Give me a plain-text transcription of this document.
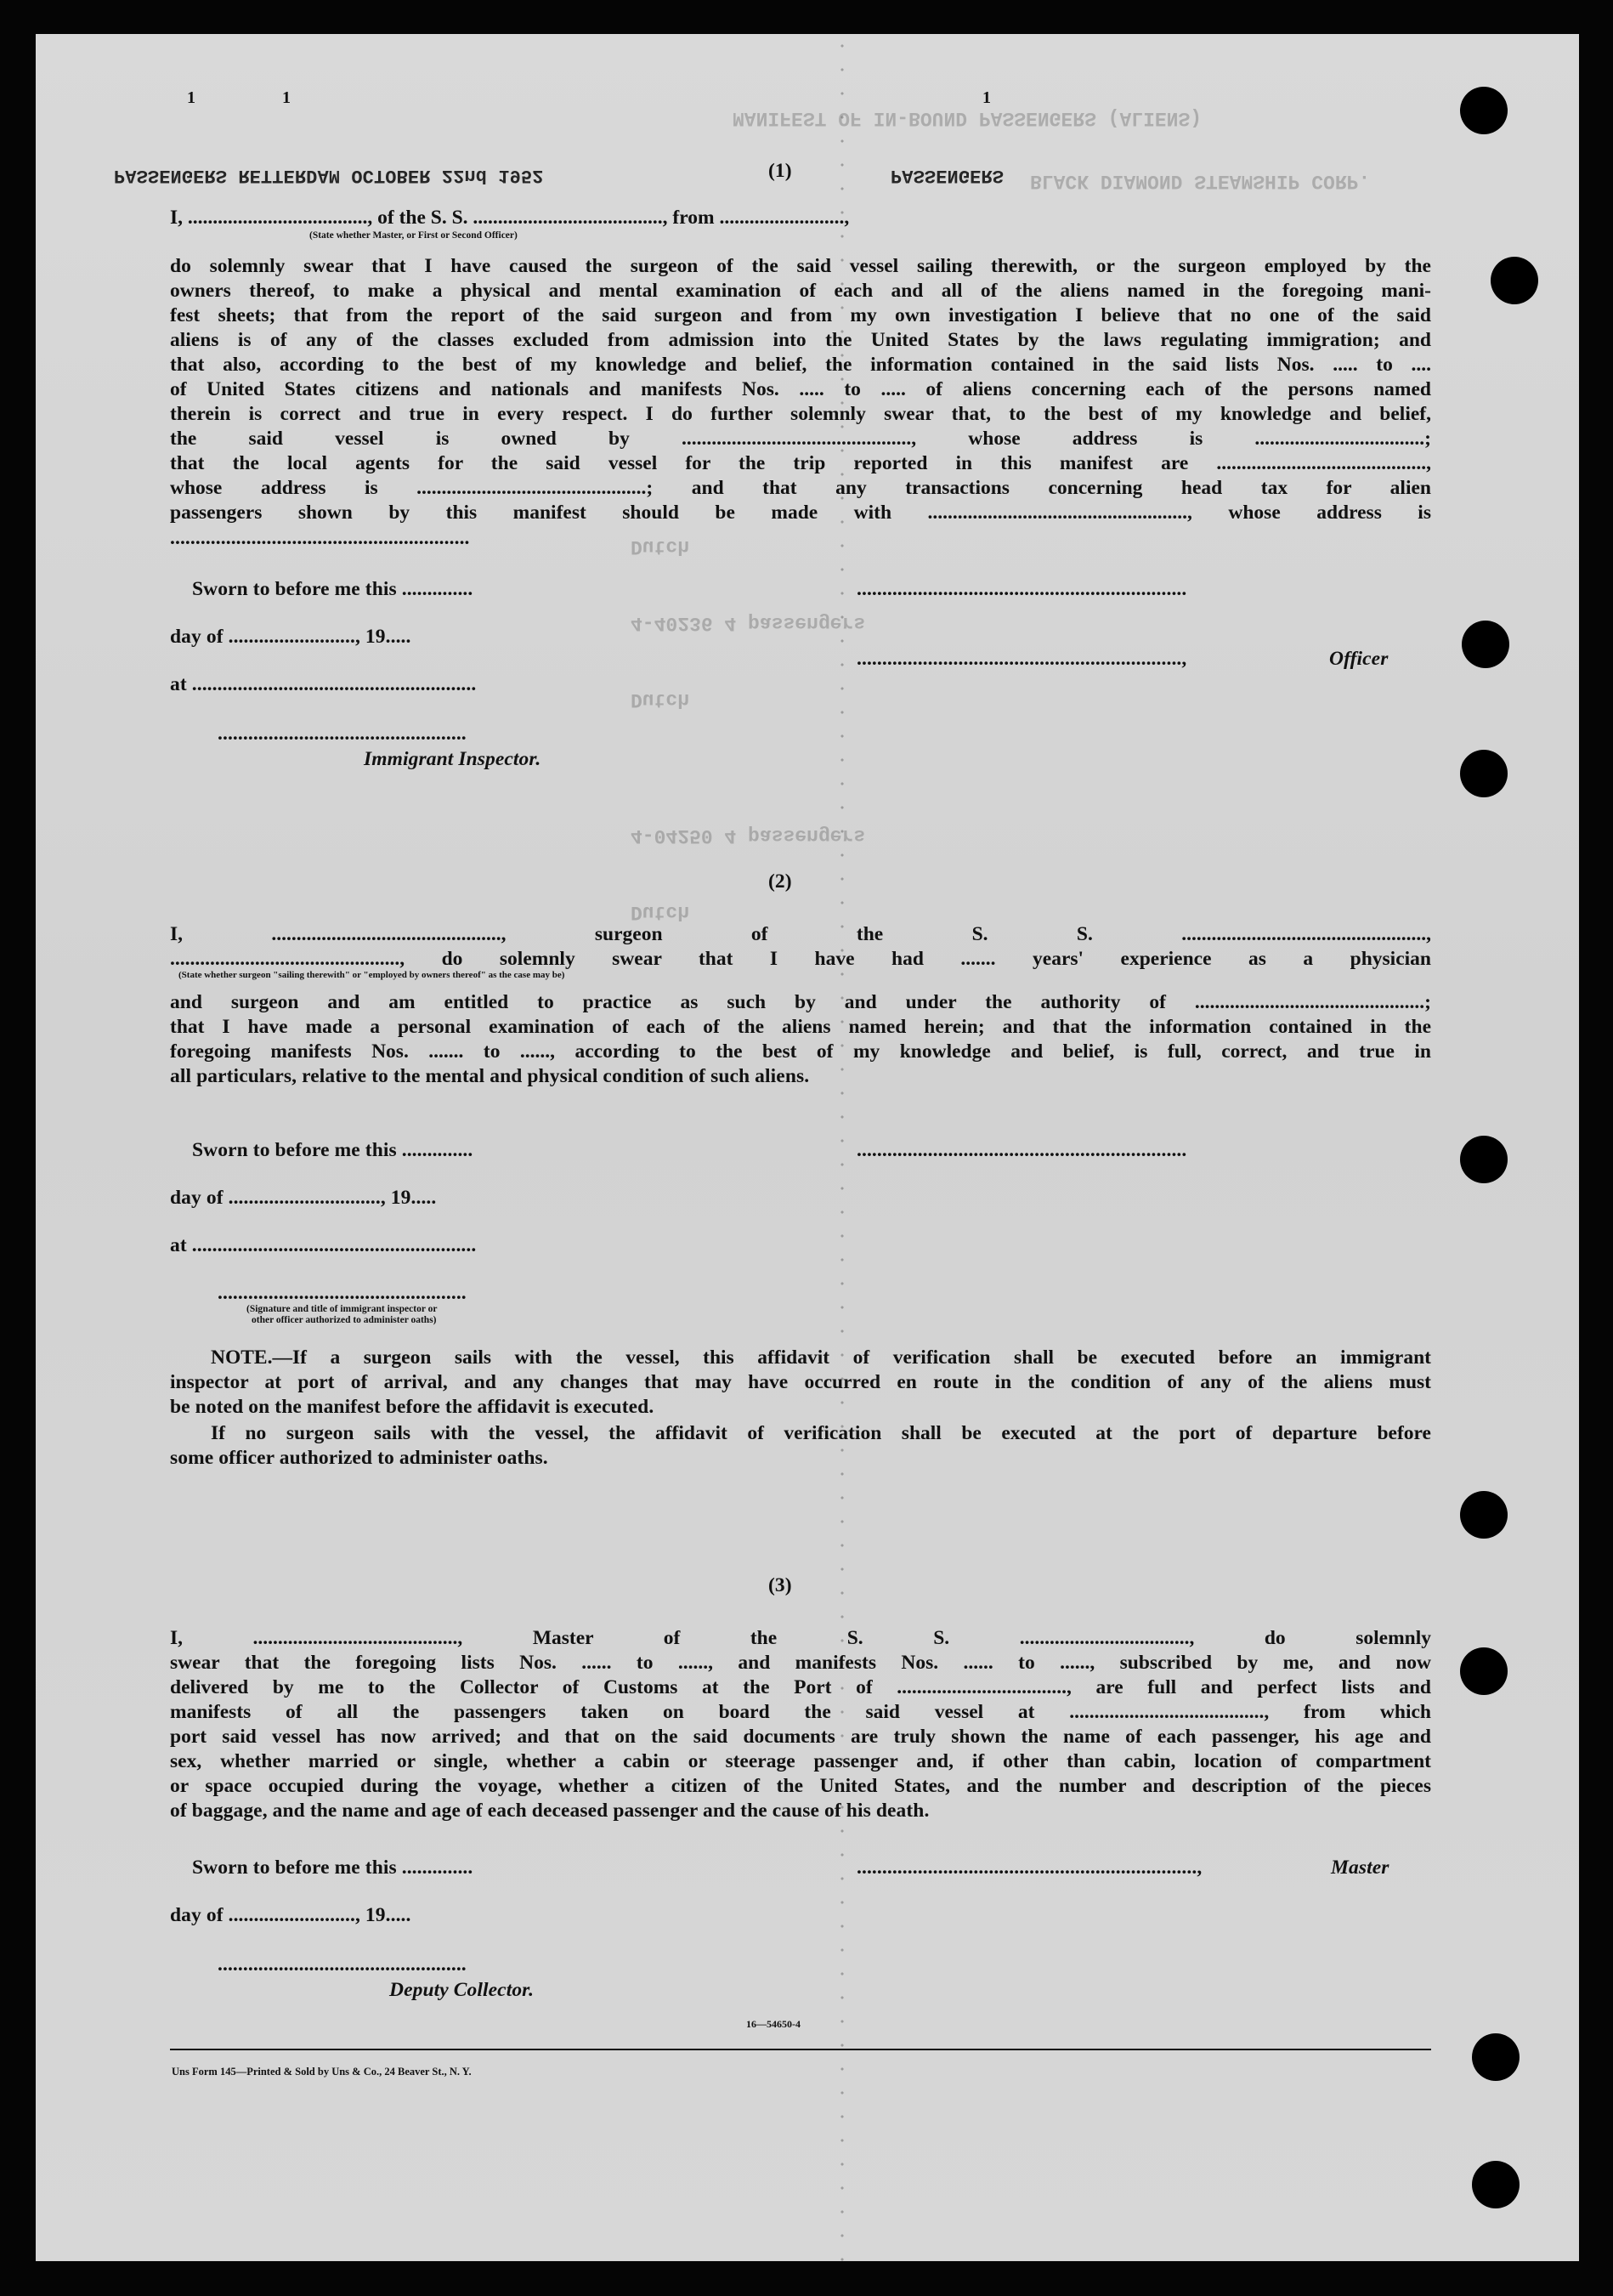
MANIFEST OF IN-BOUND PASSENGERS (ALIENS)
BLACK DIAMOND STEAMSHIP CORP.
Dutch
4-40236 4 passengers
Dutch
4-04250 4 passengers
Dutch
1	1	1
PASSENGERS RETTERDAM OCTOBER 22nd 1952	PASSENGERS
(1)
I, ...................................., of the S. S. ......................................, from .........................,
(State whether Master, or First or Second Officer)
do solemnly swear that I have caused the surgeon of the said vessel sailing therewith, or the surgeon employed by the
owners thereof, to make a physical and mental examination of each and all of the aliens named in the foregoing mani-
fest sheets; that from the report of the said surgeon and from my own investigation I believe that no one of the said
aliens is of any of the classes excluded from admission into the United States by the laws regulating immigration; and
that also, according to the best of my knowledge and belief, the information contained in the said lists Nos. ..... to ....
of United States citizens and nationals and manifests Nos. ..... to ..... of aliens concerning each of the persons named
therein is correct and true in every respect. I do further solemnly swear that, to the best of my knowledge and belief,
the said vessel is owned by .............................................., whose address is ..................................;
that the local agents for the said vessel for the trip reported in this manifest are ..........................................,
whose address is ..............................................; and that any transactions concerning head tax for alien
passengers shown by this manifest should be made with ...................................................., whose address is
...........................................................
Sworn to before me this ..............	.................................................................
day of ........................., 19.....
................................................................,	Officer
at ........................................................
.................................................
Immigrant Inspector.
(2)
I, .............................................., surgeon of the S. S. .................................................,
.............................................., do solemnly swear that I have had ....... years' experience as a physician
(State whether surgeon "sailing therewith" or "employed by owners thereof" as the case may be)
and surgeon and am entitled to practice as such by and under the authority of ..............................................;
that I have made a personal examination of each of the aliens named herein; and that the information contained in the
foregoing manifests Nos. ....... to ......, according to the best of my knowledge and belief, is full, correct, and true in
all particulars, relative to the mental and physical condition of such aliens.
Sworn to before me this ..............	.................................................................
day of .............................., 19.....
at ........................................................
.................................................
(Signature and title of immigrant inspector or
other officer authorized to administer oaths)
NOTE.—If a surgeon sails with the vessel, this affidavit of verification shall be executed before an immigrant
inspector at port of arrival, and any changes that may have occurred en route in the condition of any of the aliens must
be noted on the manifest before the affidavit is executed.
If no surgeon sails with the vessel, the affidavit of verification shall be executed at the port of departure before
some officer authorized to administer oaths.
(3)
I, ........................................., Master of the S. S. .................................., do solemnly
swear that the foregoing lists Nos. ...... to ......, and manifests Nos. ...... to ......, subscribed by me, and now
delivered by me to the Collector of Customs at the Port of .................................., are full and perfect lists and
manifests of all the passengers taken on board the said vessel at ......................................., from which
port said vessel has now arrived; and that on the said documents are truly shown the name of each passenger, his age and
sex, whether married or single, whether a cabin or steerage passenger and, if other than cabin, location of compartment
or space occupied during the voyage, whether a citizen of the United States, and the number and description of the pieces
of baggage, and the name and age of each deceased passenger and the cause of his death.
Sworn to before me this ..............	...................................................................,	Master
day of ........................., 19.....
.................................................
Deputy Collector.
16—54650-4
Uns Form 145—Printed & Sold by Uns & Co., 24 Beaver St., N. Y.
